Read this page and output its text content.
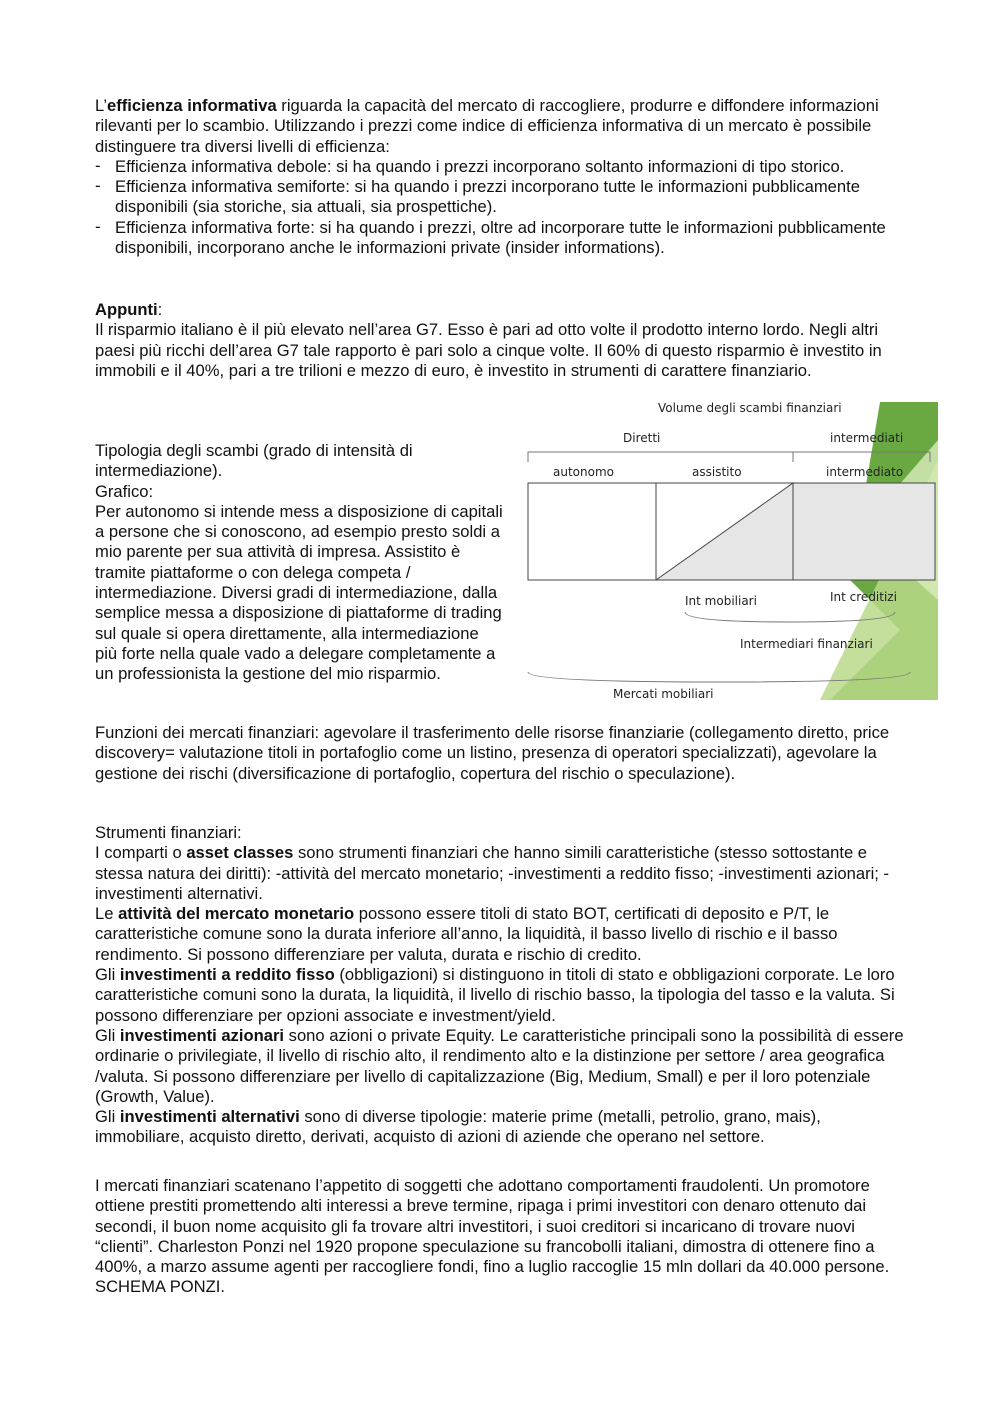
L’efficienza informativa riguarda la capacità del mercato di raccogliere, produrre e diffondere informazioni rilevanti per lo scambio. Utilizzando i prezzi come indice di efficienza informativa di un mercato è possibile distinguere tra diversi livelli di efficienza:

- Efficienza informativa debole: si ha quando i prezzi incorporano soltanto informazioni di tipo storico.

- Efficienza informativa semiforte: si ha quando i prezzi incorporano tutte le informazioni pubblicamente disponibili (sia storiche, sia attuali, sia prospettiche).

- Efficienza informativa forte: si ha quando i prezzi, oltre ad incorporare tutte le informazioni pubblicamente disponibili, incorporano anche le informazioni private (insider informations).

Appunti:

Il risparmio italiano è il più elevato nell’area G7. Esso è pari ad otto volte il prodotto interno lordo. Negli altri paesi più ricchi dell’area G7 tale rapporto è pari solo a cinque volte. Il 60% di questo risparmio è investito in immobili e il 40%, pari a tre trilioni e mezzo di euro, è investito in strumenti di carattere finanziario.

Tipologia degli scambi (grado di intensità di intermediazione).

Grafico:

Per autonomo si intende mess a disposizione di capitali a persone che si conoscono, ad esempio presto soldi a mio parente per sua attività di impresa. Assistito è tramite piattaforme o con delega competa / intermediazione. Diversi gradi di intermediazione, dalla semplice messa a disposizione di piattaforme di trading sul quale si opera direttamente, alla intermediazione più forte nella quale vado a delegare completamente a un professionista la gestione del mio risparmio.

Volume degli scambi finanziari
Diretti	intermediati
autonomo	assistito	intermediato
Int mobiliari	Int creditizi
Intermediari finanziari
Mercati mobiliari

Funzioni dei mercati finanziari: agevolare il trasferimento delle risorse finanziarie (collegamento diretto, price discovery= valutazione titoli in portafoglio come un listino, presenza di operatori specializzati), agevolare la gestione dei rischi (diversificazione di portafoglio, copertura del rischio o speculazione).

Strumenti finanziari:

I comparti o asset classes sono strumenti finanziari che hanno simili caratteristiche (stesso sottostante e stessa natura dei diritti): -attività del mercato monetario; -investimenti a reddito fisso; -investimenti azionari; -investimenti alternativi.

Le attività del mercato monetario possono essere titoli di stato BOT, certificati di deposito e P/T, le caratteristiche comune sono la durata inferiore all’anno, la liquidità, il basso livello di rischio e il basso rendimento. Si possono differenziare per valuta, durata e rischio di credito.

Gli investimenti a reddito fisso (obbligazioni) si distinguono in titoli di stato e obbligazioni corporate. Le loro caratteristiche comuni sono la durata, la liquidità, il livello di rischio basso, la tipologia del tasso e la valuta. Si possono differenziare per opzioni associate e investment/yield.

Gli investimenti azionari sono azioni o private Equity. Le caratteristiche principali sono la possibilità di essere ordinarie o privilegiate, il livello di rischio alto, il rendimento alto e la distinzione per settore / area geografica /valuta. Si possono differenziare per livello di capitalizzazione (Big, Medium, Small) e per il loro potenziale (Growth, Value).

Gli investimenti alternativi sono di diverse tipologie: materie prime (metalli, petrolio, grano, mais), immobiliare, acquisto diretto, derivati, acquisto di azioni di aziende che operano nel settore.

I mercati finanziari scatenano l’appetito di soggetti che adottano comportamenti fraudolenti. Un promotore ottiene prestiti promettendo alti interessi a breve termine, ripaga i primi investitori con denaro ottenuto dai secondi, il buon nome acquisito gli fa trovare altri investitori, i suoi creditori si incaricano di trovare nuovi “clienti”. Charleston Ponzi nel 1920 propone speculazione su francobolli italiani, dimostra di ottenere fino a 400%, a marzo assume agenti per raccogliere fondi, fino a luglio raccoglie 15 mln dollari da 40.000 persone. SCHEMA PONZI.
